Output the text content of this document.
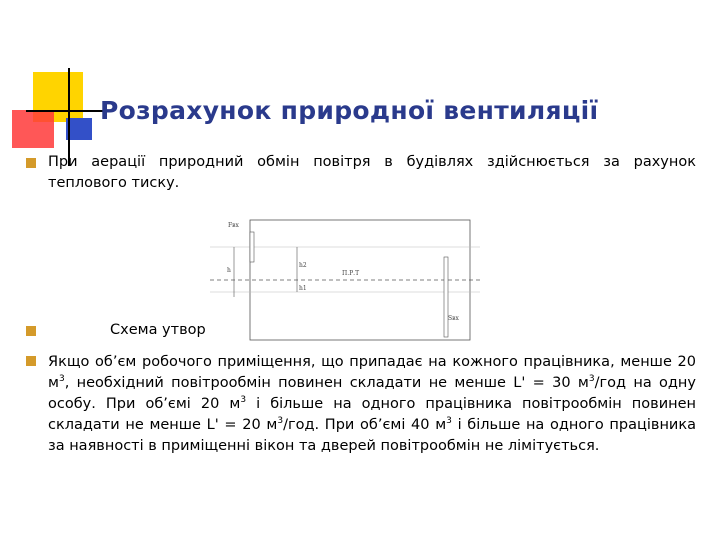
Розрахунок природної вентиляції
При аерації природний обмін повітря в будівлях здійснюється за рахунок теплового тиску.
Fвх
h
h2
h1
П.Р.Т
Sвх
Схема утвор
Якщо об’єм робочого приміщення, що припадає на кожного працівника, менше 20 $м^3$, необхідний повітрообмін повинен складати не менше L' = 30 $м^3$/год на одну особу. При об’ємі 20 $м^3$ і більше на одного працівника повітрообмін повинен складати не менше L' = 20 $м^3$/год. При об’ємі 40 $м^3$ і більше на одного працівника за наявності в приміщенні вікон та дверей повітрообмін не лімітується.
